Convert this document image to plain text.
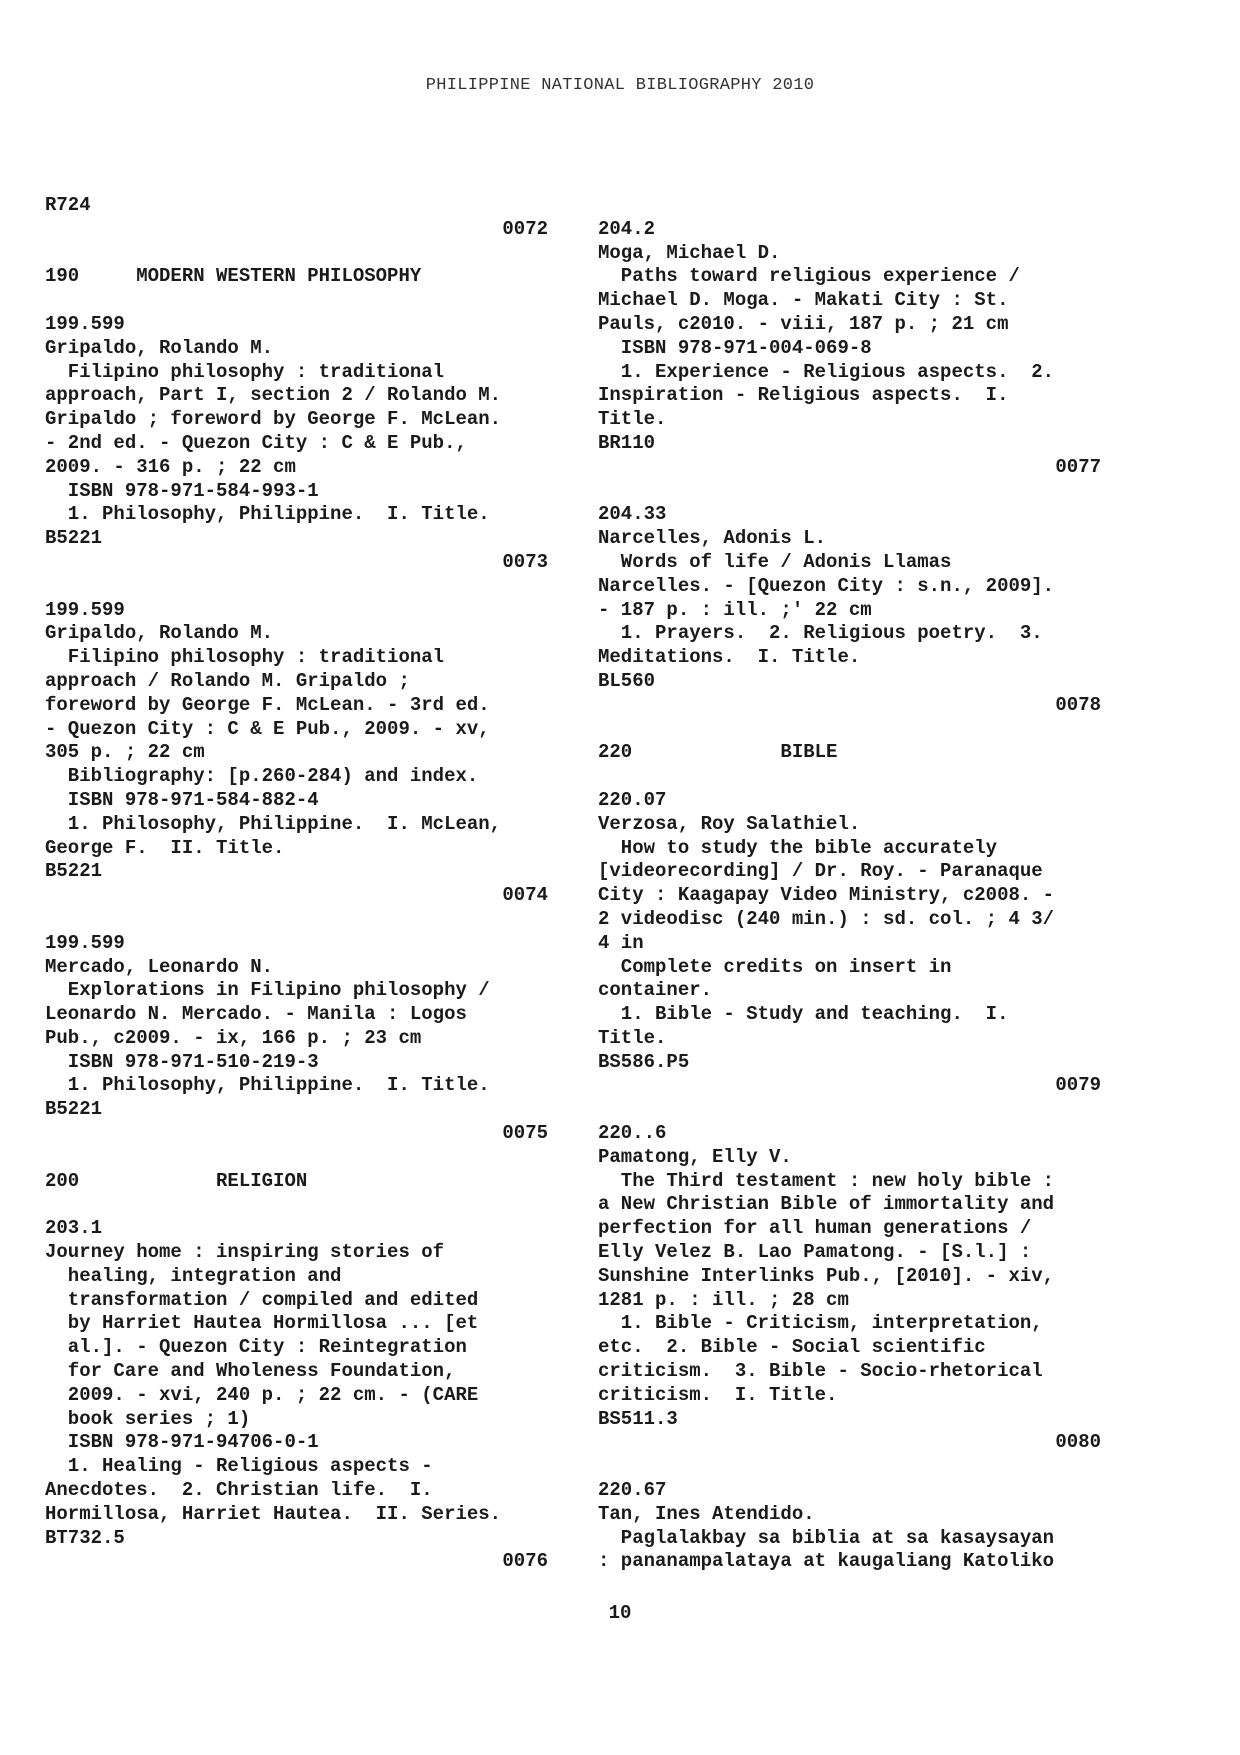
PHILIPPINE NATIONAL BIBLIOGRAPHY 2010
R724
0072
190     MODERN WESTERN PHILOSOPHY
199.599
Gripaldo, Rolando M.
Filipino philosophy : traditional
approach, Part I, section 2 / Rolando M.
Gripaldo ; foreword by George F. McLean.
- 2nd ed. - Quezon City : C & E Pub.,
2009. - 316 p. ; 22 cm
ISBN 978-971-584-993-1
1. Philosophy, Philippine.  I. Title.
B5221
0073
199.599
Gripaldo, Rolando M.
Filipino philosophy : traditional
approach / Rolando M. Gripaldo ;
foreword by George F. McLean. - 3rd ed.
- Quezon City : C & E Pub., 2009. - xv,
305 p. ; 22 cm
Bibliography: [p.260-284) and index.
ISBN 978-971-584-882-4
1. Philosophy, Philippine.  I. McLean,
George F.  II. Title.
B5221
0074
199.599
Mercado, Leonardo N.
Explorations in Filipino philosophy /
Leonardo N. Mercado. - Manila : Logos
Pub., c2009. - ix, 166 p. ; 23 cm
ISBN 978-971-510-219-3
1. Philosophy, Philippine.  I. Title.
B5221
0075
200            RELIGION
203.1
Journey home : inspiring stories of
healing, integration and
transformation / compiled and edited
by Harriet Hautea Hormillosa ... [et
al.]. - Quezon City : Reintegration
for Care and Wholeness Foundation,
2009. - xvi, 240 p. ; 22 cm. - (CARE
book series ; 1)
ISBN 978-971-94706-0-1
1. Healing - Religious aspects -
Anecdotes.  2. Christian life.  I.
Hormillosa, Harriet Hautea.  II. Series.
BT732.5
0076
204.2
Moga, Michael D.
Paths toward religious experience /
Michael D. Moga. - Makati City : St.
Pauls, c2010. - viii, 187 p. ; 21 cm
ISBN 978-971-004-069-8
1. Experience - Religious aspects.  2.
Inspiration - Religious aspects.  I.
Title.
BR110
0077
204.33
Narcelles, Adonis L.
Words of life / Adonis Llamas
Narcelles. - [Quezon City : s.n., 2009].
- 187 p. : ill. ;' 22 cm
1. Prayers.  2. Religious poetry.  3.
Meditations.  I. Title.
BL560
0078
220             BIBLE
220.07
Verzosa, Roy Salathiel.
How to study the bible accurately
[videorecording] / Dr. Roy. - Paranaque
City : Kaagapay Video Ministry, c2008. -
2 videodisc (240 min.) : sd. col. ; 4 3/
4 in
Complete credits on insert in
container.
1. Bible - Study and teaching.  I.
Title.
BS586.P5
0079
220..6
Pamatong, Elly V.
The Third testament : new holy bible :
a New Christian Bible of immortality and
perfection for all human generations /
Elly Velez B. Lao Pamatong. - [S.l.] :
Sunshine Interlinks Pub., [2010]. - xiv,
1281 p. : ill. ; 28 cm
1. Bible - Criticism, interpretation,
etc.  2. Bible - Social scientific
criticism.  3. Bible - Socio-rhetorical
criticism.  I. Title.
BS511.3
0080
220.67
Tan, Ines Atendido.
Paglalakbay sa biblia at sa kasaysayan
: pananampalataya at kaugaliang Katoliko
10
